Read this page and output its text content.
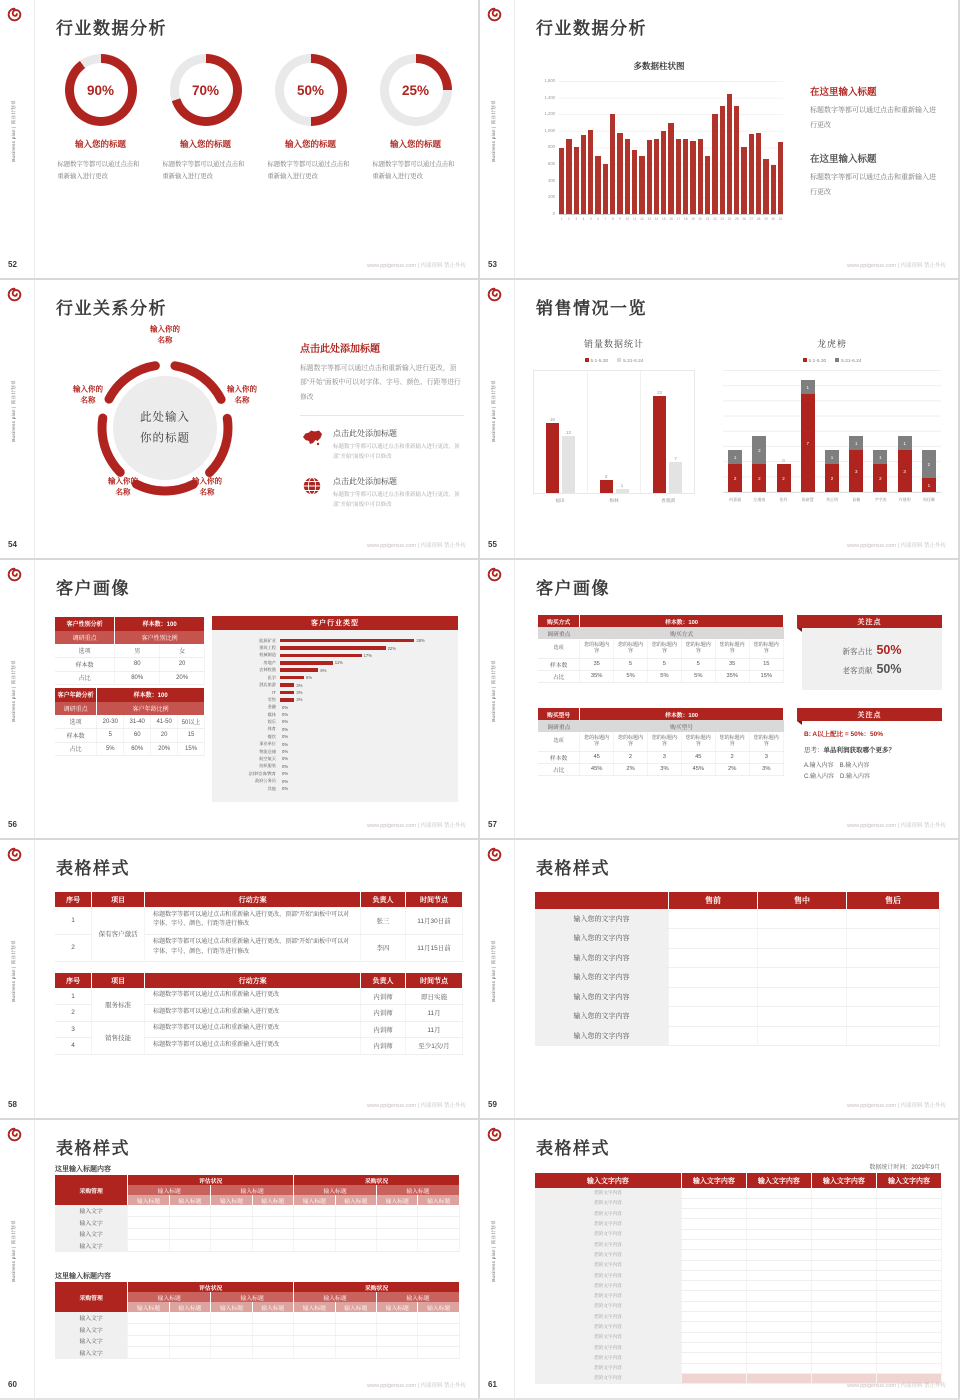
Business plan | 商业计划书
行业数据分析
90%
输入您的标题
标题数字等都可以通过点击和重新输入进行更改
70%
输入您的标题
标题数字等都可以通过点击和重新输入进行更改
50%
输入您的标题
标题数字等都可以通过点击和重新输入进行更改
25%
输入您的标题
标题数字等都可以通过点击和重新输入进行更改
52	www.pptgenius.com | 内部资料 禁止外传
Business plan | 商业计划书
行业数据分析
多数据柱状图
1,600
1,400
1,200
1,000
800
600
400
200
0
1	2	3	4	5	6	7	8	9	10	11	12 13 14 15 16 17 18 19 20 21 22 23 24 25 26 27 28 29 30 31
在这里输入标题
标题数字等都可以通过点击和重新输入进行更改
在这里输入标题
标题数字等都可以通过点击和重新输入进行更改
53	www.pptgenius.com | 内部资料 禁止外传
Business plan | 商业计划书
行业关系分析
此处输入
你的标题
输入你的
名称
输入你的
名称
输入你的
名称
输入你的
名称
输入你的
名称
点击此处添加标题
标题数字等都可以通过点击和重新输入进行更改，顶部“开始”面板中可以对字体、字号、颜色、行距等进行修改
点击此处添加标题
标题数字等都可以通过点击和重新输入进行更改，顶部“开始”面板中可以修改
点击此处添加标题
标题数字等都可以通过点击和重新输入进行更改，顶部“开始”面板中可以修改
54	www.pptgenius.com | 内部资料 禁止外传
Business plan | 商业计划书
销售情况一览
销量数据统计
5.1-5.30	5.31-6.24
16
13
3
1
22
7
福田	梅林	香蜜湖
龙虎榜
5.1-5.30	5.31-6.24
1
2
2
2
0
2
1
7
1
2
1
3
1
2
1
3
2
1
何嘉福	左湘南	张玲	陈新慧	李正明	易楠	尹宇涛	许建明	周佳琳
55	www.pptgenius.com | 内部资料 禁止外传
Business plan | 商业计划书
客户画像
客户性别分析	样本数：100	
调研重点	客户性别比例	
选项	男	女
样本数	80	20
占比	80%	20%
客户年龄分析	样本数：100			
调研重点	客户年龄比例			
选项	20-30	31-40	41-50	50以上
样本数	5	60	20	15
占比	5%	60%	20%	15%
客户行业类型
能源矿业	28%
建筑工程	22%
机械制造	17%
房地产	11%
农林牧渔	8%
医学	5%
酒店旅游	3%
IT	3%
零售	3%
金融	0%
媒体	0%
娱乐	0%
体育	0%
餐饮	0%
事业单位	0%
物流仓储	0%
航空航天	0%
纺织服装	0%
法律/咨询/教育	0%
政府公务员	0%
其他	0%
56	www.pptgenius.com | 内部资料 禁止外传
Business plan | 商业计划书
客户画像
购买方式	样本数：100					
调研重点	购买方式					
选项	您的标题内容	您的标题内容	您的标题内容	您的标题内容	您的标题内容	您的标题内容
样本数	35	5	5	5	35	15
占比	35%	5%	5%	5%	35%	15%
购买型号	样本数：100					
调研重点	购买型号					
选项	您的标题内容	您的标题内容	您的标题内容	您的标题内容	您的标题内容	您的标题内容
样本数	45	2	3	45	2	3
占比	45%	2%	3%	45%	2%	3%
关注点
新客占比 50%
老客贡献 50%
关注点
B: A以上配比 = 50%：50%
思考：单品利润获取哪个更多？
A.输入内容　B.输入内容
C.输入内容　D.输入内容
57	www.pptgenius.com | 内部资料 禁止外传
Business plan | 商业计划书
表格样式
序号	项目	行动方案	负责人	时间节点
1	保有客户激活	标题数字等都可以通过点击和重新输入进行更改，顶部“开始”面板中可以对字体、字号、颜色、行距等进行修改	张三	11月30日前
2		标题数字等都可以通过点击和重新输入进行更改，顶部“开始”面板中可以对字体、字号、颜色、行距等进行修改	李四	11月15日前
序号	项目	行动方案	负责人	时间节点
1	服务标准	标题数字等都可以通过点击和重新输入进行更改	内训师	即日实施
2		标题数字等都可以通过点击和重新输入进行更改	内训师	11月
3	销售技能	标题数字等都可以通过点击和重新输入进行更改	内训师	11月
4		标题数字等都可以通过点击和重新输入进行更改	内训师	至少1次/月
58	www.pptgenius.com | 内部资料 禁止外传
Business plan | 商业计划书
表格样式
	售前	售中	售后
输入您的文字内容			
输入您的文字内容			
输入您的文字内容			
输入您的文字内容			
输入您的文字内容			
输入您的文字内容			
输入您的文字内容			
59	www.pptgenius.com | 内部资料 禁止外传
Business plan | 商业计划书
表格样式
这里输入标题内容
采购管理	评估状况				采购状况			
	输入标题		输入标题		输入标题		输入标题	
	输入标题	输入标题	输入标题	输入标题	输入标题	输入标题	输入标题	输入标题
输入文字								
输入文字								
输入文字								
输入文字								
这里输入标题内容
采购管理	评估状况				采购状况			
	输入标题		输入标题		输入标题		输入标题	
	输入标题	输入标题	输入标题	输入标题	输入标题	输入标题	输入标题	输入标题
输入文字								
输入文字								
输入文字								
输入文字								
60	www.pptgenius.com | 内部资料 禁止外传
Business plan | 商业计划书
表格样式
数据统计时间：2029年9月
输入文字内容	输入文字内容	输入文字内容	输入文字内容	输入文字内容
您的文字内容				
您的文字内容				
您的文字内容				
您的文字内容				
您的文字内容				
您的文字内容				
您的文字内容				
您的文字内容				
您的文字内容				
您的文字内容				
您的文字内容				
您的文字内容				
您的文字内容				
您的文字内容				
您的文字内容				
您的文字内容				
您的文字内容				
您的文字内容				
您的文字内容				
61	www.pptgenius.com | 内部资料 禁止外传
